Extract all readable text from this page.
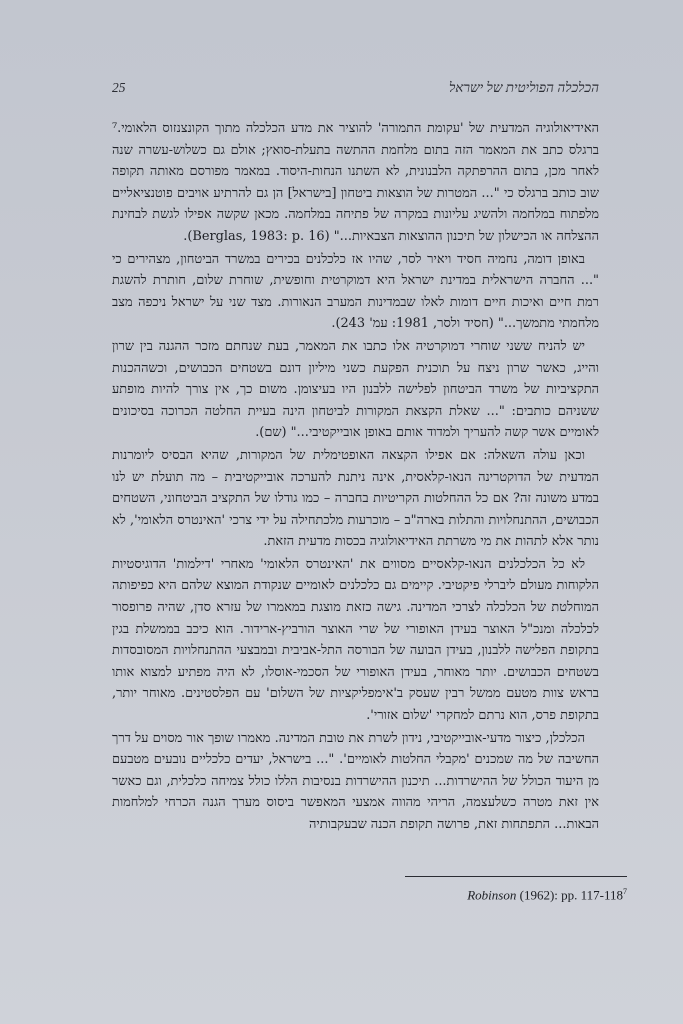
הכלכלה הפוליטית של ישראל
25

האידיאולוגיה המדעית של 'עקומת התמורה' להוציר את מדע הכלכלה מתוך הקונצנזוס הלאומי.⁷ ברגלס כתב את המאמר הזה בתום מלחמת ההתשה בתעלת-סואץ; אולם גם כשלוש-עשרה שנה לאחר מכן, בתום ההרפתקה הלבנונית, לא השתנו הנחות-היסוד. במאמר מפורסם מאותה תקופה שוב כותב ברגלס כי "... המטרות של הוצאות ביטחון [בישראל] הן גם להרתיע אויבים פוטנציאליים מלפתוח במלחמה ולהשיג עליונות במקרה של פתיחה במלחמה. מכאן שקשה אפילו לגשת לבחינת ההצלחה או הכישלון של תיכנון ההוצאות הצבאיות..." (Berglas, 1983: p. 16).

באופן דומה, נחמיה חסיד ויאיר לסר, שהיו אז כלכלנים בכירים במשרד הביטחון, מצהירים כי "... החברה הישראלית במדינת ישראל היא דמוקרטית וחופשית, שוחרת שלום, חותרת להשגת רמת חיים ואיכות חיים דומות לאלו שבמדינות המערב הנאורות. מצד שני על ישראל ניכפה מצב מלחמתי מתמשך..." (חסיד ולסר, 1981: עמ' 243).

יש להניח ששני שוחרי דמוקרטיה אלו כתבו את המאמר, בעת שנחתם מזכר ההגנה בין שרון והייג, כאשר שרון ניצח על תוכנית הפקעת כשני מיליון דונם בשטחים הכבושים, וכשההכנות התקציביות של משרד הביטחון לפלישה ללבנון היו בעיצומן. משום כך, אין צורך להיות מופתע ששניהם כותבים: "... שאלת הקצאת המקורות לביטחון הינה בעיית החלטה הכרוכה בסיכונים לאומיים אשר קשה להעריך ולמדוד אותם באופן אובייקטיבי..." (שם).

וכאן עולה השאלה: אם אפילו הקצאה האופטימלית של המקורות, שהיא הבסיס ליומרנות המדעית של הדוקטרינה הנאו-קלאסית, אינה ניתנת להערכה אובייקטיבית – מה תועלת יש לנו במדע משונה זה? אם כל ההחלטות הקריטיות בחברה – כמו גודלו של התקציב הביטחוני, השטחים הכבושים, ההתנחלויות והתלות בארה"ב – מוכרעות מלכתחילה על ידי צרכי 'האינטרס הלאומי', לא נותר אלא לתהות את מי משרתת האידיאולוגיה בכסות מדעית הזאת.

לא כל הכלכלנים הנאו-קלאסיים מסווים את 'האינטרס הלאומי' מאחרי 'דילמות' הדוגיסטיות הלקוחות מעולם ליברלי פיקטיבי. קיימים גם כלכלנים לאומיים שנקודת המוצא שלהם היא כפיפותה המוחלטת של הכלכלה לצרכי המדינה. גישה כזאת מוצגת במאמרו של עזרא סדן, שהיה פרופסור לכלכלה ומנכ"ל האוצר בעידן האופורי של שרי האוצר הורביץ-ארידור. הוא כיכב בממשלת בגין בתקופת הפלישה ללבנון, בעידן הבועה של הבורסה התל-אביבית ובמבצעי ההתנחלויות המסובסדות בשטחים הכבושים. יותר מאוחר, בעידן האופורי של הסכמי-אוסלו, לא היה מפתיע למצוא אותו בראש צוות מטעם ממשל רבין שעסק ב'אימפליקציות של השלום' עם הפלסטינים. מאוחר יותר, בתקופת פרס, הוא נרתם למחקרי 'שלום אזורי'.

הכלכלן, כיצור מדעי-אובייקטיבי, נידון לשרת את טובת המדינה. מאמרו שופך אור מסוים על דרך החשיבה של מה שמכנים 'מקבלי החלטות לאומיים'. "... בישראל, יעדים כלכליים נובעים מטבעם מן היעוד הכולל של ההישרדות... תיכנון ההישרדות בנסיבות הללו כולל צמיחה כלכלית, וגם כאשר אין זאת מטרה כשלעצמה, הריהי מהווה אמצעי המאפשר ביסוס מערך הגנה הכרחי למלחמות הבאות... התפתחות זאת, פרושה תקופת הכנה שבעקבותיה

Robinson (1962): pp. $117-118^7$
